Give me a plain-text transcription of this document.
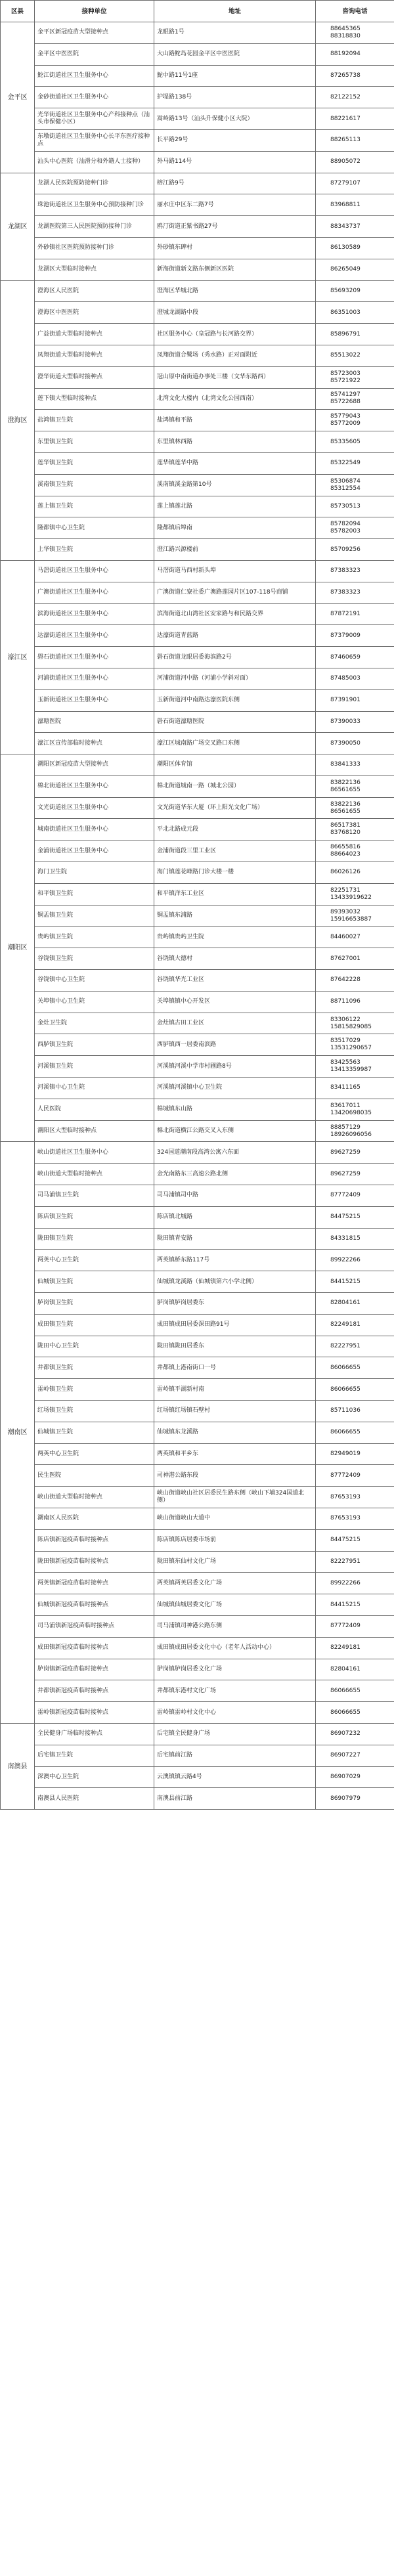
区县	接种单位	地址	咨询电话
金平区	金平区新冠疫苗大型接种点	龙眼路1号	88645365
88318830
	金平区中医医院	大山路鮀岛花园金平区中医医院	88192094
	鮀江街道社区卫生服务中心	鮀中路11号1座	87265738
	金砂街道社区卫生服务中心	护堤路138号	82122152
	光华街道社区卫生服务中心产科接种点（汕头市保健小区）	嵩岭路13号（汕头升保健小区大院）	88221617
	东墩街道社区卫生服务中心长平东医疗接种点	长平路29号	88265113
	汕头中心医院（汕滑分和外籍人士接种）	外马路114号	88905072
龙湖区	龙湖人民医院预防接种门诊	榕江路9号	87279107
	珠池街道社区卫生服务中心预防接种门诊	丽水庄中区东二路7号	83968811
	龙湖医院第三人民医院预防接种门诊	鸥汀街道正紫书路27号	88343737
	外砂镇社区医院预防接种门诊	外砂镇东碑村	86130589
	龙湖区大型临时接种点	新海街道新文路东侧新区医院	86265049
澄海区	澄海区人民医院	澄海区华城北路	85693209
	澄海区中医医院	澄城龙湖路中段	86351003
	广益街道大型临时接种点	社区服务中心（皇冠路与长河路交界）	85896791
	凤翔街道大型临时接种点	凤翔街道合鹭场（秀水路）正对面附近	85513022
	澄华街道大型临时接种点	冠山原中南街道办事处三楼（文华东路西）	85723003
85721922
	莲下镇大型临时接种点	北湾文化大楼内（北湾文化公园西南）	85741297
85722688
	盐鸿镇卫生院	盐鸿镇和平路	85779043
85772009
	东里镇卫生院	东里镇林西路	85335605
	莲华镇卫生院	莲华镇莲华中路	85322549
	溪南镇卫生院	溪南镇溪金路第10号	85306874
85312554
	莲上镇卫生院	莲上镇莲北路	85730513
	隆都镇中心卫生院	隆都镇后埠南	85782094
85782003
	上华镇卫生院	澄江路兴源楼前	85709256
濠江区	马滘街道社区卫生服务中心	马滘街道马西村新头埠	87383323
	广澳街道社区卫生服务中心	广澳街道仁寮社委广澳路莲园片区107-118号商铺	87383323
	滨海街道社区卫生服务中心	滨海街道北山湾社区安家路与和民路交界	87872191
	达濠街道社区卫生服务中心	达濠街道青蓝路	87379009
	礐石街道社区卫生服务中心	礐石街道龙眼居委海滨路2号	87460659
	河浦街道社区卫生服务中心	河浦街道河中路（河浦小学斜对面）	87485003
	玉新街道社区卫生服务中心	玉新街道河中南路达濠医院东侧	87391901
	濠瑭医院	礐石街道濠瑭医院	87390033
	濠江区宣传部临时接种点	濠江区城南路广场交叉路口东侧	87390050
潮阳区	潮阳区新冠疫苗大型接种点	潮阳区体育馆	83841333
	棉北街道社区卫生服务中心	棉北街道城南一路（城北公园）	83822136
86561655
	文光街道社区卫生服务中心	文光街道华东大厦（环上阳光文化广场）	83822136
86561655
	城南街道社区卫生服务中心	平北北路成元段	86517381
83768120
	金浦街道社区卫生服务中心	金浦街道段三里工业区	86655816
88664023
	海门卫生院	海门镇莲花峰路门诊大楼一楼	86026126
	和平镇卫生院	和平镇洋东工业区	82251731
13433919622
	铜盂镇卫生院	铜盂镇东浦路	89393032
15916653887
	贵屿镇卫生院	贵屿镇贵屿卫生院	84460027
	谷饶镇卫生院	谷饶镇大德村	87627001
	谷饶镇中心卫生院	谷饶镇华光工业区	87642228
	关埠镇中心卫生院	关埠镇镇中心开发区	88711096
	金灶卫生院	金灶镇古田工业区	83306122
15815829085
	西胪镇卫生院	西胪镇西一居委南滨路	83517029
13531290657
	河溪镇卫生院	河溪镇河溪中学市村圃路8号	83425563
13413359987
	河溪镇中心卫生院	河溪镇河溪镇中心卫生院	83411165
	人民医院	棉城镇东山路	83617011
13420698035
	潮阳区大型临时接种点	棉北街道横江公路交叉入东侧	88857129
18926096056
潮南区	峡山街道社区卫生服务中心	324国道潮南段高湾公寓六东面	89627259
	峡山街道大型临时接种点	金光南路东三高速公路北侧	89627259
	司马浦镇卫生院	司马浦镇司中路	87772409
	陈店镇卫生院	陈店镇北城路	84475215
	陇田镇卫生院	陇田镇青安路	84331815
	两英中心卫生院	两英镇桥东路117号	89922266
	仙城镇卫生院	仙城镇龙溪路（仙城镇第六小学北侧）	84415215
	胪岗镇卫生院	胪岗镇胪岗居委东	82804161
	成田镇卫生院	成田镇成田居委深田路91号	82249181
	陇田中心卫生院	陇田镇陇田居委东	82227951
	井都镇卫生院	井都镇上港南街口一号	86066655
	雷岭镇卫生院	雷岭镇平湖新村南	86066655
	红场镇卫生院	红场镇红场镇石壁村	85711036
	仙城镇卫生院	仙城镇东龙溪路	86066655
	两英中心卫生院	两英镇和平乡东	82949019
	民生医院	司神港公路东段	87772409
	峡山街道大型临时接种点	峡山街道峡山社区居委民生路东侧（峡山下埔324国道北侧）	87653193
	潮南区人民医院	峡山街道峡山大道中	87653193
	陈店镇新冠疫苗临时接种点	陈店镇陈店居委市场前	84475215
	陇田镇新冠疫苗临时接种点	陇田镇东仙村文化广场	82227951
	两英镇新冠疫苗临时接种点	两英镇两英居委文化广场	89922266
	仙城镇新冠疫苗临时接种点	仙城镇仙城居委文化广场	84415215
	司马浦镇新冠疫苗临时接种点	司马浦镇司神港公路东侧	87772409
	成田镇新冠疫苗临时接种点	成田镇成田居委文化中心（老年人活动中心）	82249181
	胪岗镇新冠疫苗临时接种点	胪岗镇胪岗居委文化广场	82804161
	井都镇新冠疫苗临时接种点	井都镇东港村文化广场	86066655
	雷岭镇新冠疫苗临时接种点	雷岭镇雷岭村文化中心	86066655
南澳县	全民健身广场临时接种点	后宅镇全民健身广场	86907232
	后宅镇卫生院	后宅镇前江路	86907227
	深澳中心卫生院	云澳镇镇云路4号	86907029
	南澳县人民医院	南澳县前江路	86907979
